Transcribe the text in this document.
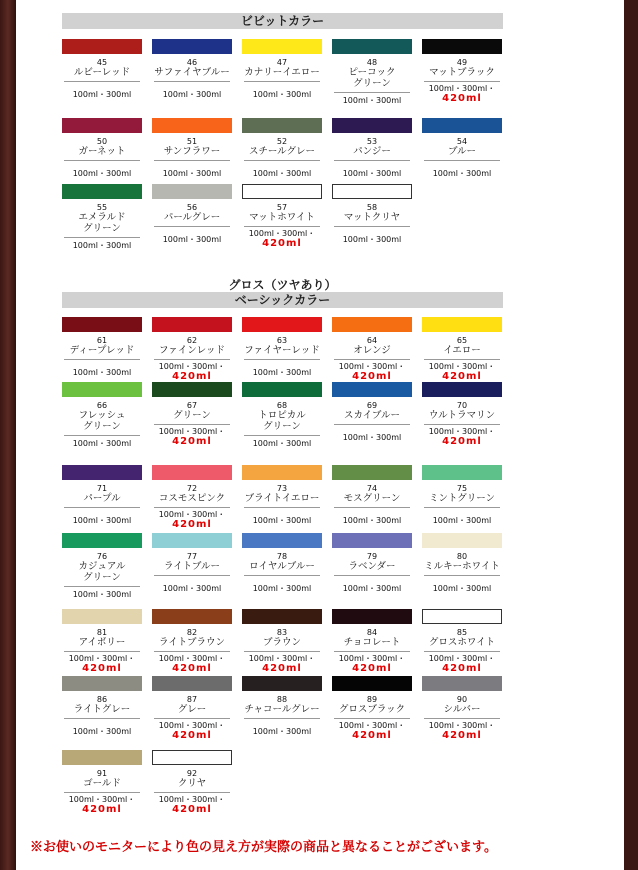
ビビットカラー
45
ルビーレッド
100ml・300ml
46
サファイヤブルー
100ml・300ml
47
カナリーイエロー
100ml・300ml
48
ピーコック
グリーン
100ml・300ml
49
マットブラック
100ml・300ml・
420ml
50
ガーネット
100ml・300ml
51
サンフラワー
100ml・300ml
52
スチールグレー
100ml・300ml
53
パンジー
100ml・300ml
54
ブルー
100ml・300ml
55
エメラルド
グリーン
100ml・300ml
56
パールグレー
100ml・300ml
57
マットホワイト
100ml・300ml・
420ml
58
マットクリヤ
100ml・300ml
グロス（ツヤあり）
ベーシックカラー
61
ディープレッド
100ml・300ml
62
ファインレッド
100ml・300ml・
420ml
63
ファイヤーレッド
100ml・300ml
64
オレンジ
100ml・300ml・
420ml
65
イエロー
100ml・300ml・
420ml
66
フレッシュ
グリーン
100ml・300ml
67
グリーン
100ml・300ml・
420ml
68
トロピカル
グリーン
100ml・300ml
69
スカイブルー
100ml・300ml
70
ウルトラマリン
100ml・300ml・
420ml
71
パープル
100ml・300ml
72
コスモスピンク
100ml・300ml・
420ml
73
ブライトイエロー
100ml・300ml
74
モスグリーン
100ml・300ml
75
ミントグリーン
100ml・300ml
76
カジュアル
グリーン
100ml・300ml
77
ライトブルー
100ml・300ml
78
ロイヤルブルー
100ml・300ml
79
ラベンダー
100ml・300ml
80
ミルキーホワイト
100ml・300ml
81
アイボリー
100ml・300ml・
420ml
82
ライトブラウン
100ml・300ml・
420ml
83
ブラウン
100ml・300ml・
420ml
84
チョコレート
100ml・300ml・
420ml
85
グロスホワイト
100ml・300ml・
420ml
86
ライトグレー
100ml・300ml
87
グレー
100ml・300ml・
420ml
88
チャコールグレー
100ml・300ml
89
グロスブラック
100ml・300ml・
420ml
90
シルバー
100ml・300ml・
420ml
91
ゴールド
100ml・300ml・
420ml
92
クリヤ
100ml・300ml・
420ml
※お使いのモニターにより色の見え方が実際の商品と異なることがございます。
